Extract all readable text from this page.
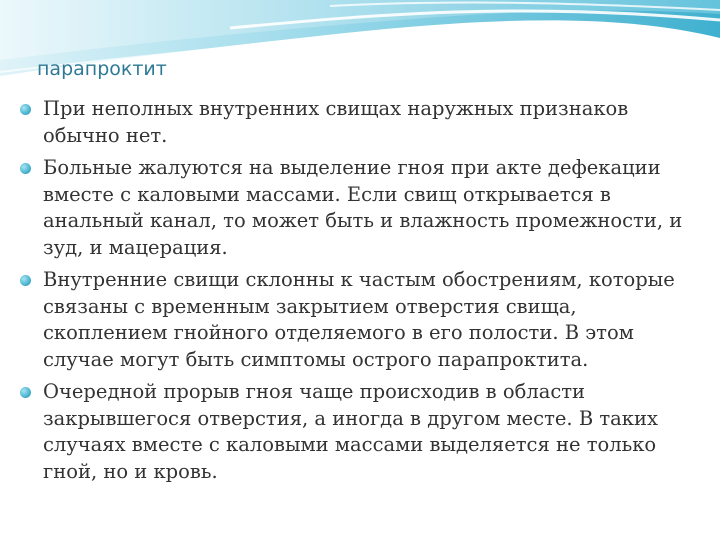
парапроктит
При неполных внутренних свищах наружных признаков обычно нет.
Больные жалуются на выделение гноя при акте дефекации вместе с каловыми массами. Если свищ открывается в анальный канал, то может быть и влажность промежности, и зуд, и мацерация.
Внутренние свищи склонны к частым обострениям, которые связаны с временным закрытием отверстия свища, скоплением гнойного отделяемого в его полости. В этом случае могут быть симптомы острого парапроктита.
Очередной прорыв гноя чаще происходив в области закрывшегося отверстия, а иногда в другом месте. В таких случаях вместе с каловыми массами выделяется не только гной, но и кровь.
